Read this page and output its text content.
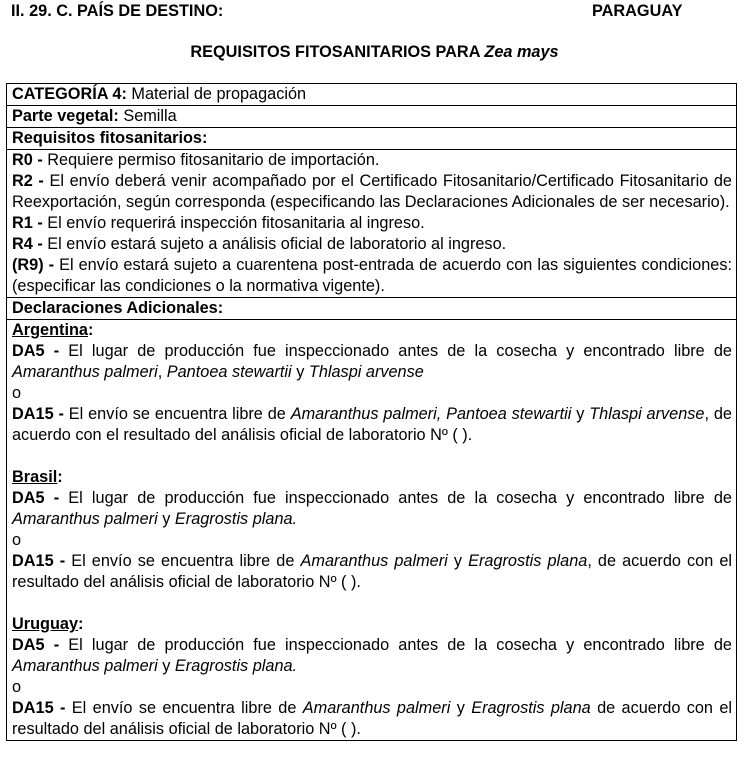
II. 29. C. PAÍS DE DESTINO:	PARAGUAY
REQUISITOS FITOSANITARIOS PARA Zea mays
CATEGORÍA 4: Material de propagación
Parte vegetal: Semilla
Requisitos fitosanitarios:

R0 - Requiere permiso fitosanitario de importación.
R2 - El envío deberá venir acompañado por el Certificado Fitosanitario/Certificado Fitosanitario de Reexportación, según corresponda (especificando las Declaraciones Adicionales de ser necesario).
R1 - El envío requerirá inspección fitosanitaria al ingreso.
R4 - El envío estará sujeto a análisis oficial de laboratorio al ingreso.
(R9) - El envío estará sujeto a cuarentena post-entrada de acuerdo con las siguientes condiciones: (especificar las condiciones o la normativa vigente).

Declaraciones Adicionales:

Argentina:
DA5 - El lugar de producción fue inspeccionado antes de la cosecha y encontrado libre de Amaranthus palmeri, Pantoea stewartii y Thlaspi arvense
o
DA15 - El envío se encuentra libre de Amaranthus palmeri, Pantoea stewartii y Thlaspi arvense, de acuerdo con el resultado del análisis oficial de laboratorio Nº ( ).
Brasil:
DA5 - El lugar de producción fue inspeccionado antes de la cosecha y encontrado libre de Amaranthus palmeri y Eragrostis plana.
o
DA15 - El envío se encuentra libre de Amaranthus palmeri y Eragrostis plana, de acuerdo con el resultado del análisis oficial de laboratorio Nº ( ).
Uruguay:
DA5 - El lugar de producción fue inspeccionado antes de la cosecha y encontrado libre de Amaranthus palmeri y Eragrostis plana.
o
DA15 - El envío se encuentra libre de Amaranthus palmeri y Eragrostis plana de acuerdo con el resultado del análisis oficial de laboratorio Nº ( ).
